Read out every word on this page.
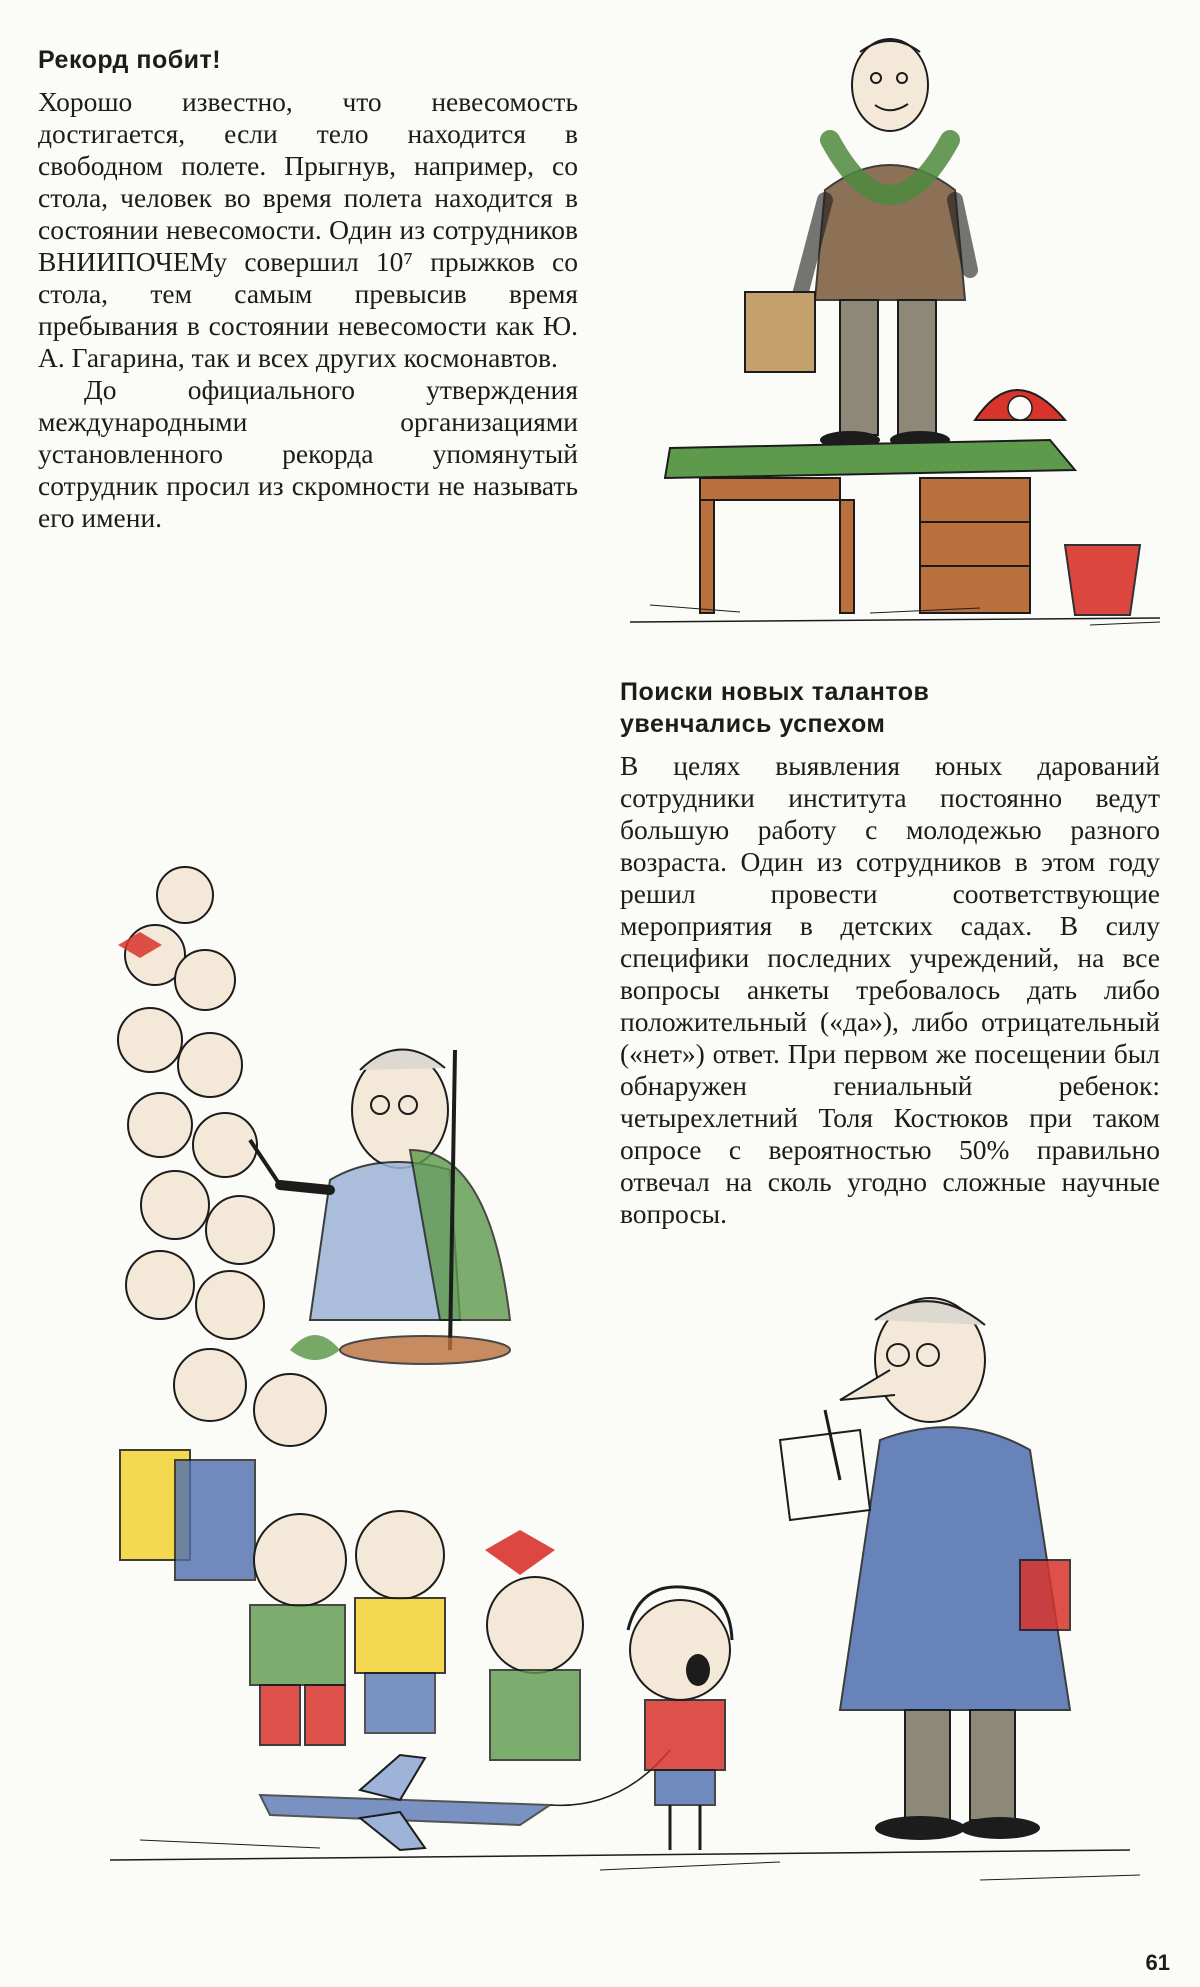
Рекорд побит!

Хорошо известно, что невесомость достигается, если тело находится в свободном полете. Прыгнув, например, со стола, человек во время полета находится в состоянии невесомости. Один из сотрудников ВНИИПОЧЕМу совершил 10⁷ прыжков со стола, тем самым превысив время пребывания в состоянии невесомости как Ю. А. Гагарина, так и всех других космонавтов.

До официального утверждения международными организациями установленного рекорда упомянутый сотрудник просил из скромности не называть его имени.

Поиски новых талантов
увенчались успехом

В целях выявления юных дарований сотрудники института постоянно ведут большую работу с молодежью разного возраста. Один из сотрудников в этом году решил провести соответствующие мероприятия в детских садах. В силу специфики последних учреждений, на все вопросы анкеты требовалось дать либо положительный («да»), либо отрицательный («нет») ответ. При первом же посещении был обнаружен гениальный ребенок: четырехлетний Толя Костюков при таком опросе с вероятностью 50% правильно отвечал на сколь угодно сложные научные вопросы.

61
